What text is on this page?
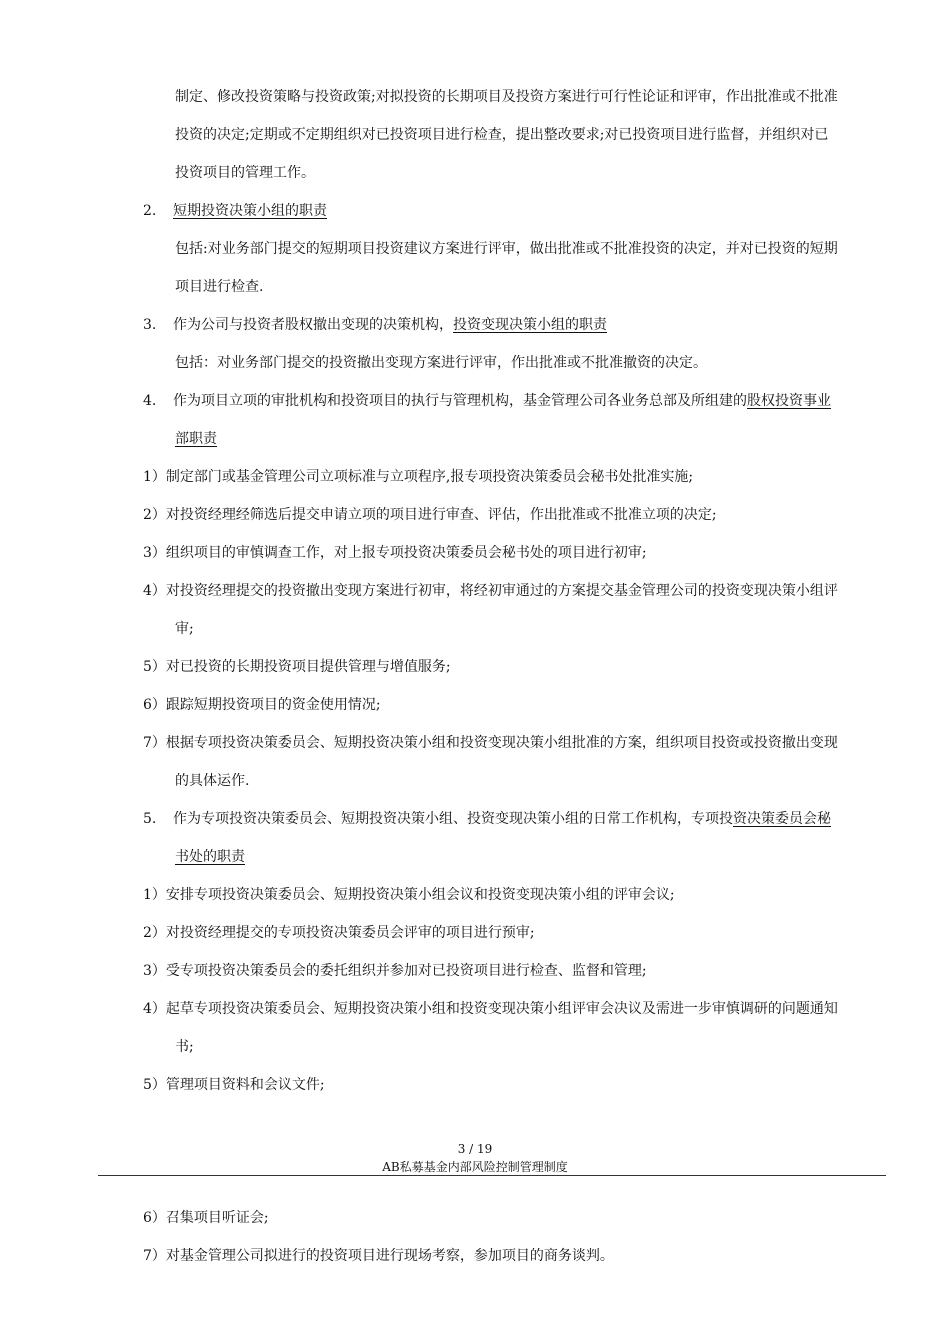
制定、修改投资策略与投资政策;对拟投资的长期项目及投资方案进行可行性论证和评审，作出批准或不批准
投资的决定;定期或不定期组织对已投资项目进行检查，提出整改要求;对已投资项目进行监督，并组织对已
投资项目的管理工作。
2. 短期投资决策小组的职责
包括:对业务部门提交的短期项目投资建议方案进行评审，做出批准或不批准投资的决定，并对已投资的短期
项目进行检查.
3. 作为公司与投资者股权撤出变现的决策机构，投资变现决策小组的职责
包括：对业务部门提交的投资撤出变现方案进行评审，作出批准或不批准撤资的决定。
4. 作为项目立项的审批机构和投资项目的执行与管理机构，基金管理公司各业务总部及所组建的股权投资事业
部职责
1）制定部门或基金管理公司立项标准与立项程序,报专项投资决策委员会秘书处批准实施;
2）对投资经理经筛选后提交申请立项的项目进行审查、评估，作出批准或不批准立项的决定;
3）组织项目的审慎调查工作，对上报专项投资决策委员会秘书处的项目进行初审;
4）对投资经理提交的投资撤出变现方案进行初审，将经初审通过的方案提交基金管理公司的投资变现决策小组评
审;
5）对已投资的长期投资项目提供管理与增值服务;
6）跟踪短期投资项目的资金使用情况;
7）根据专项投资决策委员会、短期投资决策小组和投资变现决策小组批准的方案，组织项目投资或投资撤出变现
的具体运作.
5. 作为专项投资决策委员会、短期投资决策小组、投资变现决策小组的日常工作机构，专项投资决策委员会秘
书处的职责
1）安排专项投资决策委员会、短期投资决策小组会议和投资变现决策小组的评审会议;
2）对投资经理提交的专项投资决策委员会评审的项目进行预审;
3）受专项投资决策委员会的委托组织并参加对已投资项目进行检查、监督和管理;
4）起草专项投资决策委员会、短期投资决策小组和投资变现决策小组评审会决议及需进一步审慎调研的问题通知
书;
5）管理项目资料和会议文件;
3 / 19
AB私募基金内部风险控制管理制度
6）召集项目听证会;
7）对基金管理公司拟进行的投资项目进行现场考察，参加项目的商务谈判。
